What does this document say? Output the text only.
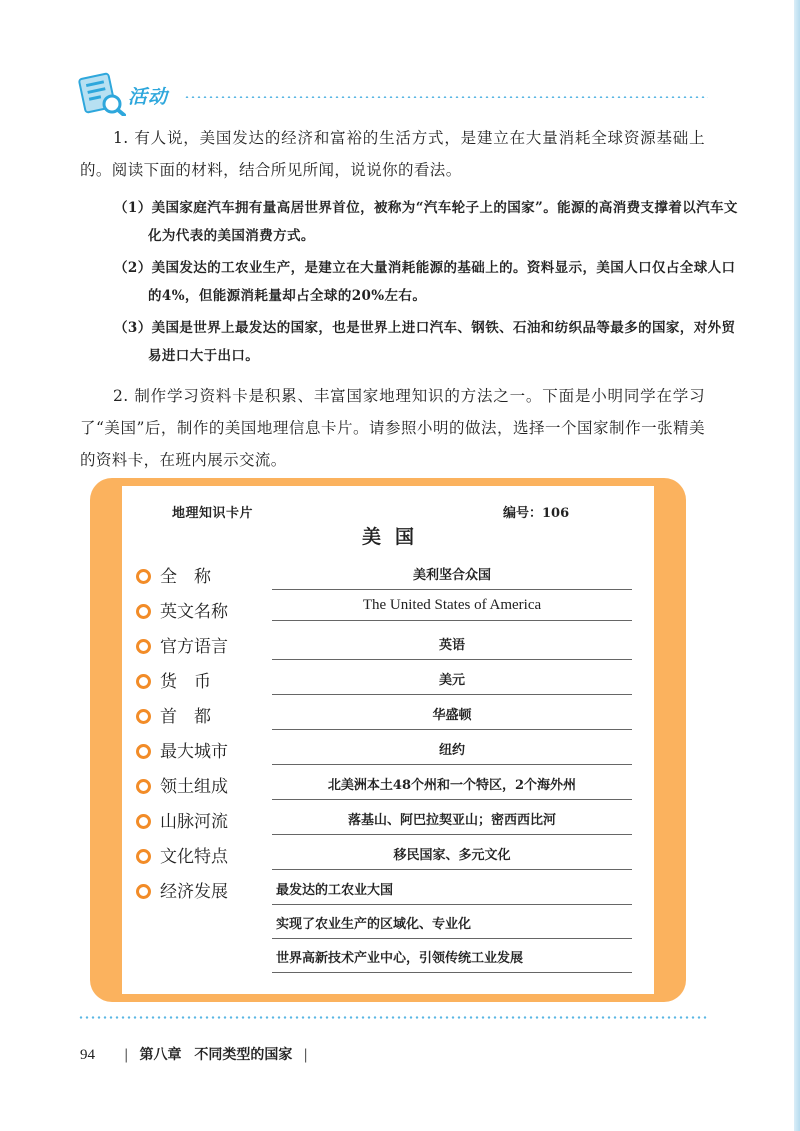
活动
1. 有人说，美国发达的经济和富裕的生活方式，是建立在大量消耗全球资源基础上的。阅读下面的材料，结合所见所闻，说说你的看法。
（1）美国家庭汽车拥有量高居世界首位，被称为“汽车轮子上的国家”。能源的高消费支撑着以汽车文化为代表的美国消费方式。
（2）美国发达的工农业生产，是建立在大量消耗能源的基础上的。资料显示，美国人口仅占全球人口的4%，但能源消耗量却占全球的20%左右。
（3）美国是世界上最发达的国家，也是世界上进口汽车、钢铁、石油和纺织品等最多的国家，对外贸易进口大于出口。
2. 制作学习资料卡是积累、丰富国家地理知识的方法之一。下面是小明同学在学习了“美国”后，制作的美国地理信息卡片。请参照小明的做法，选择一个国家制作一张精美的资料卡，在班内展示交流。
地理知识卡片	编号：106
美国
全　称	美利坚合众国
英文名称	The United States of America
官方语言	英语
货　币	美元
首　都	华盛顿
最大城市	纽约
领土组成	北美洲本土48个州和一个特区，2个海外州
山脉河流	落基山、阿巴拉契亚山；密西西比河
文化特点	移民国家、多元文化
经济发展	最发达的工农业大国
实现了农业生产的区域化、专业化
世界高新技术产业中心，引领传统工业发展
94 | 第八章 不同类型的国家 |
